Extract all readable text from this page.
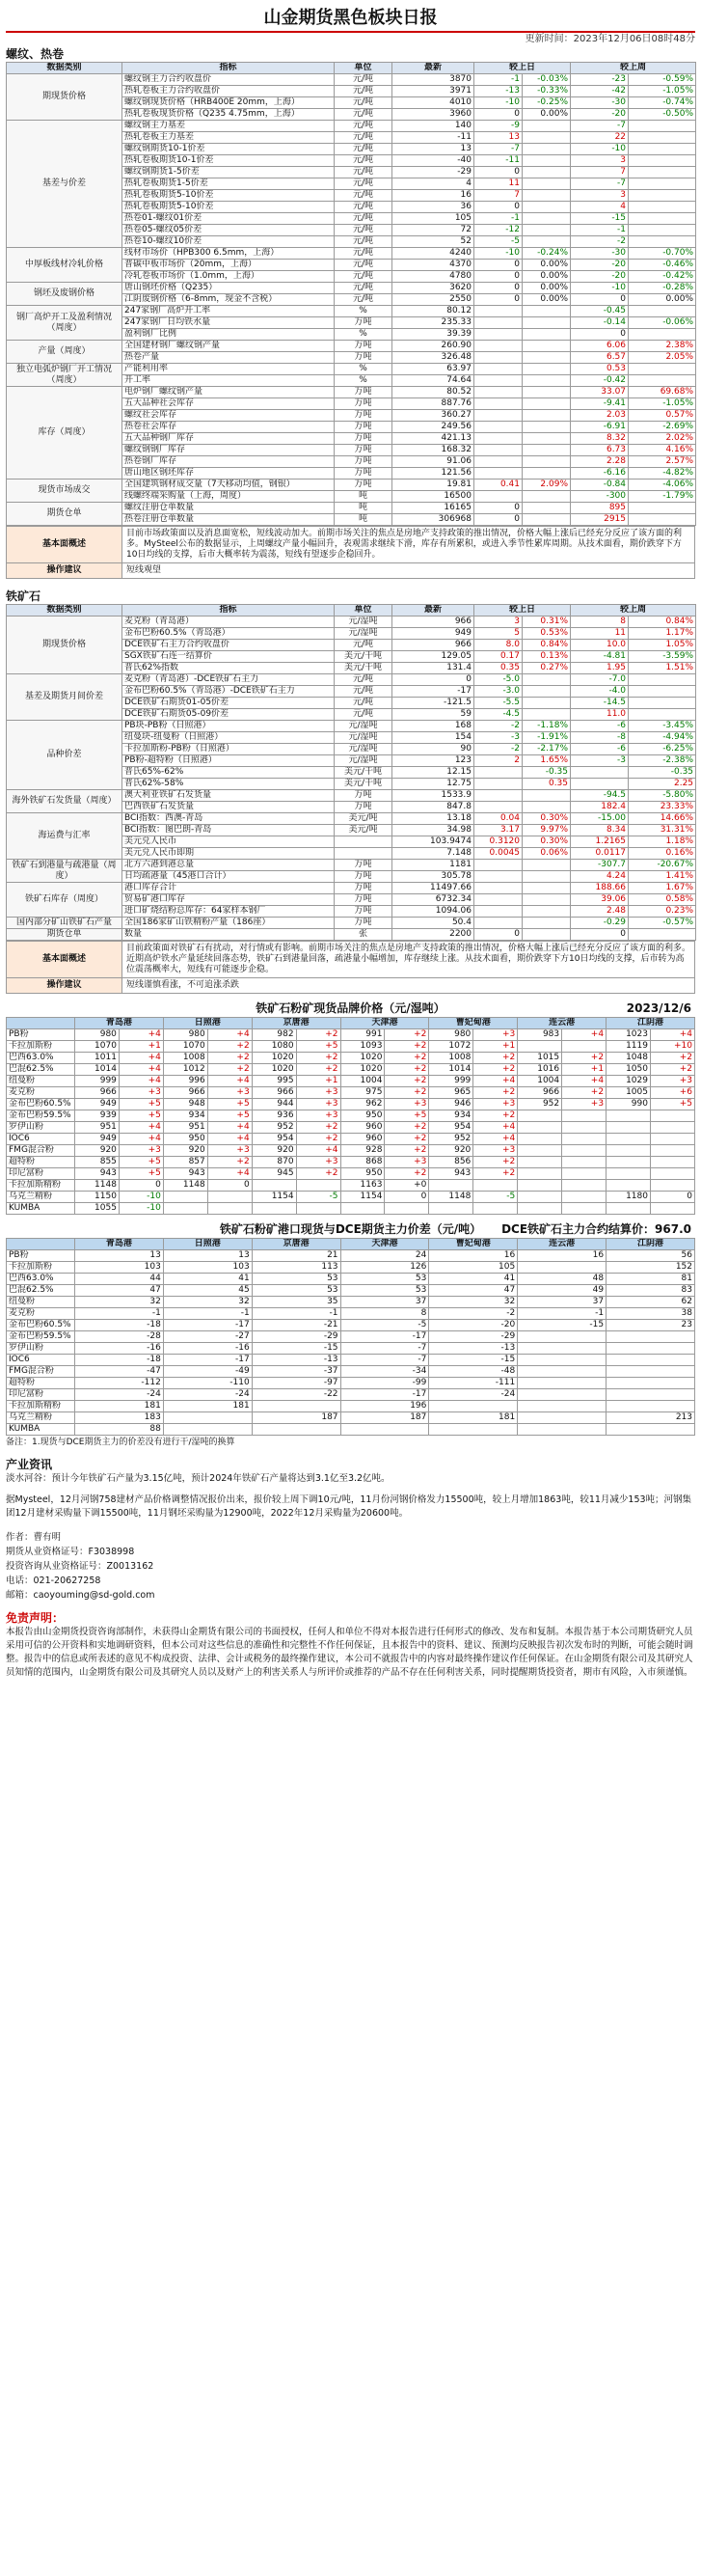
山金期货黑色板块日报
更新时间：2023年12月06日08时48分
螺纹、热卷
数据类别	指标	单位	最新	较上日		较上周	
期现货价格	螺纹钢主力合约收盘价	元/吨	3870	-1	-0.03%	-23	-0.59%
	热轧卷板主力合约收盘价	元/吨	3971	-13	-0.33%	-42	-1.05%
	螺纹钢现货价格（HRB400E 20mm，上海）	元/吨	4010	-10	-0.25%	-30	-0.74%
	热轧卷板现货价格（Q235 4.75mm，上海）	元/吨	3960	0	0.00%	-20	-0.50%
基差与价差	螺纹钢主力基差	元/吨	140	-9		-7	
	热轧卷板主力基差	元/吨	-11	13		22	
	螺纹钢期货10-1价差	元/吨	13	-7		-10	
	热轧卷板期货10-1价差	元/吨	-40	-11		3	
	螺纹钢期货1-5价差	元/吨	-29	0		7	
	热轧卷板期货1-5价差	元/吨	4	11		-7	
	热轧卷板期货5-10价差	元/吨	16	7		3	
	热轧卷板期货5-10价差	元/吨	36	0		4	
	热卷01-螺纹01价差	元/吨	105	-1		-15	
	热卷05-螺纹05价差	元/吨	72	-12		-1	
	热卷10-螺纹10价差	元/吨	52	-5		-2	
中厚板线材冷轧价格	线材市场价（HPB300 6.5mm，上海）	元/吨	4240	-10	-0.24%	-30	-0.70%
	普碳中板市场价（20mm，上海）	元/吨	4370	0	0.00%	-20	-0.46%
	冷轧卷板市场价（1.0mm，上海）	元/吨	4780	0	0.00%	-20	-0.42%
钢坯及废钢价格	唐山钢坯价格（Q235）	元/吨	3620	0	0.00%	-10	-0.28%
	江阴废钢价格（6-8mm，现金不含税）	元/吨	2550	0	0.00%	0	0.00%
钢厂高炉开工及盈利情况（周度）	247家钢厂高炉开工率	%	80.12			-0.45	
	247家钢厂日均铁水量	万吨	235.33			-0.14	-0.06%
	盈利钢厂比例	%	39.39			0	
产量（周度）	全国建材钢厂螺纹钢产量	万吨	260.90			6.06	2.38%
	热卷产量	万吨	326.48			6.57	2.05%
独立电弧炉钢厂开工情况（周度）	产能利用率	%	63.97			0.53	
	开工率	%	74.64			-0.42	
库存（周度）	电炉钢厂螺纹钢产量	万吨	80.52			33.07	69.68%
	五大品种社会库存	万吨	887.76			-9.41	-1.05%
	螺纹社会库存	万吨	360.27			2.03	0.57%
	热卷社会库存	万吨	249.56			-6.91	-2.69%
	五大品种钢厂库存	万吨	421.13			8.32	2.02%
	螺纹钢钢厂库存	万吨	168.32			6.73	4.16%
	热卷钢厂库存	万吨	91.06			2.28	2.57%
	唐山地区钢坯库存	万吨	121.56			-6.16	-4.82%
现货市场成交	全国建筑钢材成交量（7天移动均值，钢银）	万吨	19.81	0.41	2.09%	-0.84	-4.06%
	线螺终端采购量（上海，周度）	吨	16500			-300	-1.79%
期货仓单	螺纹注册仓单数量	吨	16165	0		895	
	热卷注册仓单数量	吨	306968	0		2915	
基本面概述	目前市场政策面以及消息面宽松，短线波动加大。前期市场关注的焦点是房地产支持政策的推出情况，价格大幅上涨后已经充分反应了该方面的利多。MySteel公布的数据显示，上周螺纹产量小幅回升，表观需求继续下滑，库存有所累积，或进入季节性累库周期。从技术面看，期价跌穿下方10日均线的支撑，后市大概率转为震荡，短线有望逐步企稳回升。
操作建议	短线观望
铁矿石
数据类别	指标	单位	最新	较上日		较上周	
期现货价格	麦克粉（青岛港）	元/湿吨	966	3	0.31%	8	0.84%
	金布巴粉60.5%（青岛港）	元/湿吨	949	5	0.53%	11	1.17%
	DCE铁矿石主力合约收盘价	元/吨	966	8.0	0.84%	10.0	1.05%
	SGX铁矿石连一结算价	美元/干吨	129.05	0.17	0.13%	-4.81	-3.59%
	普氏62%指数	美元/干吨	131.4	0.35	0.27%	1.95	1.51%
基差及期货月间价差	麦克粉（青岛港）-DCE铁矿石主力	元/吨	0	-5.0		-7.0	
	金布巴粉60.5%（青岛港）-DCE铁矿石主力	元/吨	-17	-3.0		-4.0	
	DCE铁矿石期货01-05价差	元/吨	-121.5	-5.5		-14.5	
	DCE铁矿石期货05-09价差	元/吨	59	-4.5		11.0	
品种价差	PB块-PB粉（日照港）	元/湿吨	168	-2	-1.18%	-6	-3.45%
	纽曼块-纽曼粉（日照港）	元/湿吨	154	-3	-1.91%	-8	-4.94%
	卡拉加斯粉-PB粉（日照港）	元/湿吨	90	-2	-2.17%	-6	-6.25%
	PB粉-超特粉（日照港）	元/湿吨	123	2	1.65%	-3	-2.38%
	普氏65%-62%	美元/干吨	12.15		-0.35		-0.35
	普氏62%-58%	美元/干吨	12.75		0.35		2.25
海外铁矿石发货量（周度）	澳大利亚铁矿石发货量	万吨	1533.9			-94.5	-5.80%
	巴西铁矿石发货量	万吨	847.8			182.4	23.33%
海运费与汇率	BCI指数：西澳-青岛	美元/吨	13.18	0.04	0.30%	-15.00	14.66%
	BCI指数：图巴朗-青岛	美元/吨	34.98	3.17	9.97%	8.34	31.31%
	美元兑人民币		103.9474	0.3120	0.30%	1.2165	1.18%
	美元兑人民币即期		7.148	0.0045	0.06%	0.0117	0.16%
铁矿石到港量与疏港量（周度）	北方六港到港总量	万吨	1181			-307.7	-20.67%
	日均疏港量（45港口合计）	万吨	305.78			4.24	1.41%
铁矿石库存（周度）	港口库存合计	万吨	11497.66			188.66	1.67%
	贸易矿港口库存	万吨	6732.34			39.06	0.58%
	进口矿烧结粉总库存：64家样本钢厂	万吨	1094.06			2.48	0.23%
国内部分矿山铁矿石产量	全国186家矿山铁精粉产量（186座）	万吨	50.4			-0.29	-0.57%
期货仓单	数量	张	2200	0		0	
基本面概述	目前政策面对铁矿石有扰动，对行情或有影响。前期市场关注的焦点是房地产支持政策的推出情况，价格大幅上涨后已经充分反应了该方面的利多。近期高炉铁水产量延续回落态势，铁矿石到港量回落，疏港量小幅增加，库存继续上涨。从技术面看，期价跌穿下方10日均线的支撑，后市转为高位震荡概率大，短线有可能逐步企稳。
操作建议	短线谨慎看涨，不可追涨杀跌
铁矿石粉矿现货品牌价格（元/湿吨）	2023/12/6
	青岛港		日照港		京唐港		天津港		曹妃甸港		连云港		江阴港	
PB粉	980	+4	980	+4	982	+2	991	+2	980	+3	983	+4	1023	+4
卡拉加斯粉	1070	+1	1070	+2	1080	+5	1093	+2	1072	+1			1119	+10
巴西63.0%	1011	+4	1008	+2	1020	+2	1020	+2	1008	+2	1015	+2	1048	+2
巴混62.5%	1014	+4	1012	+2	1020	+2	1020	+2	1014	+2	1016	+1	1050	+2
纽曼粉	999	+4	996	+4	995	+1	1004	+2	999	+4	1004	+4	1029	+3
麦克粉	966	+3	966	+3	966	+3	975	+2	965	+2	966	+2	1005	+6
金布巴粉60.5%	949	+5	948	+5	944	+3	962	+3	946	+3	952	+3	990	+5
金布巴粉59.5%	939	+5	934	+5	936	+3	950	+5	934	+2				
罗伊山粉	951	+4	951	+4	952	+2	960	+2	954	+4				
IOC6	949	+4	950	+4	954	+2	960	+2	952	+4				
FMG混合粉	920	+3	920	+3	920	+4	928	+2	920	+3				
超特粉	855	+5	857	+2	870	+3	868	+3	856	+2				
印尼富粉	943	+5	943	+4	945	+2	950	+2	943	+2				
卡拉加斯精粉	1148	0	1148	0			1163	+0						
乌克兰精粉	1150	-10			1154	-5	1154	0	1148	-5			1180	0
KUMBA	1055	-10												
铁矿石粉矿港口现货与DCE期货主力价差（元/吨） DCE铁矿石主力合约结算价：967.0
	青岛港	日照港	京唐港	天津港	曹妃甸港	连云港	江阴港
PB粉	13	13	21	24	16	16	56
卡拉加斯粉	103	103	113	126	105		152
巴西63.0%	44	41	53	53	41	48	81
巴混62.5%	47	45	53	53	47	49	83
纽曼粉	32	32	35	37	32	37	62
麦克粉	-1	-1	-1	8	-2	-1	38
金布巴粉60.5%	-18	-17	-21	-5	-20	-15	23
金布巴粉59.5%	-28	-27	-29	-17	-29		
罗伊山粉	-16	-16	-15	-7	-13		
IOC6	-18	-17	-13	-7	-15		
FMG混合粉	-47	-49	-37	-34	-48		
超特粉	-112	-110	-97	-99	-111		
印尼富粉	-24	-24	-22	-17	-24		
卡拉加斯精粉	181	181		196			
乌克兰精粉	183		187	187	181		213
KUMBA	88						
备注：1.现货与DCE期货主力的价差没有进行干/湿吨的换算
产业资讯
淡水河谷：预计今年铁矿石产量为3.15亿吨，预计2024年铁矿石产量将达到3.1亿至3.2亿吨。
据Mysteel，12月河钢758建材产品价格调整情况报价出来，报价较上周下调10元/吨，11月份河钢价格发力15500吨，较上月增加1863吨，较11月减少153吨；河钢集团12月建材采购量下调15500吨，11月钢坯采购量为12900吨，2022年12月采购量为20600吨。
作者：曹有明
期货从业资格证号：F3038998
投资咨询从业资格证号：Z0013162
电话：021-20627258
邮箱：caoyouming@sd-gold.com
免责声明：
本报告由山金期货投资咨询部制作，未获得山金期货有限公司的书面授权，任何人和单位不得对本报告进行任何形式的修改、发布和复制。本报告基于本公司期货研究人员采用可信的公开资料和实地调研资料，但本公司对这些信息的准确性和完整性不作任何保证，且本报告中的资料、建议、预测均反映报告初次发布时的判断，可能会随时调整。报告中的信息或所表述的意见不构成投资、法律、会计或税务的最终操作建议，本公司不就报告中的内容对最终操作建议作任何保证。在山金期货有限公司及其研究人员知情的范围内，山金期货有限公司及其研究人员以及财产上的利害关系人与所评价或推荐的产品不存在任何利害关系，同时提醒期货投资者，期市有风险，入市须谨慎。
